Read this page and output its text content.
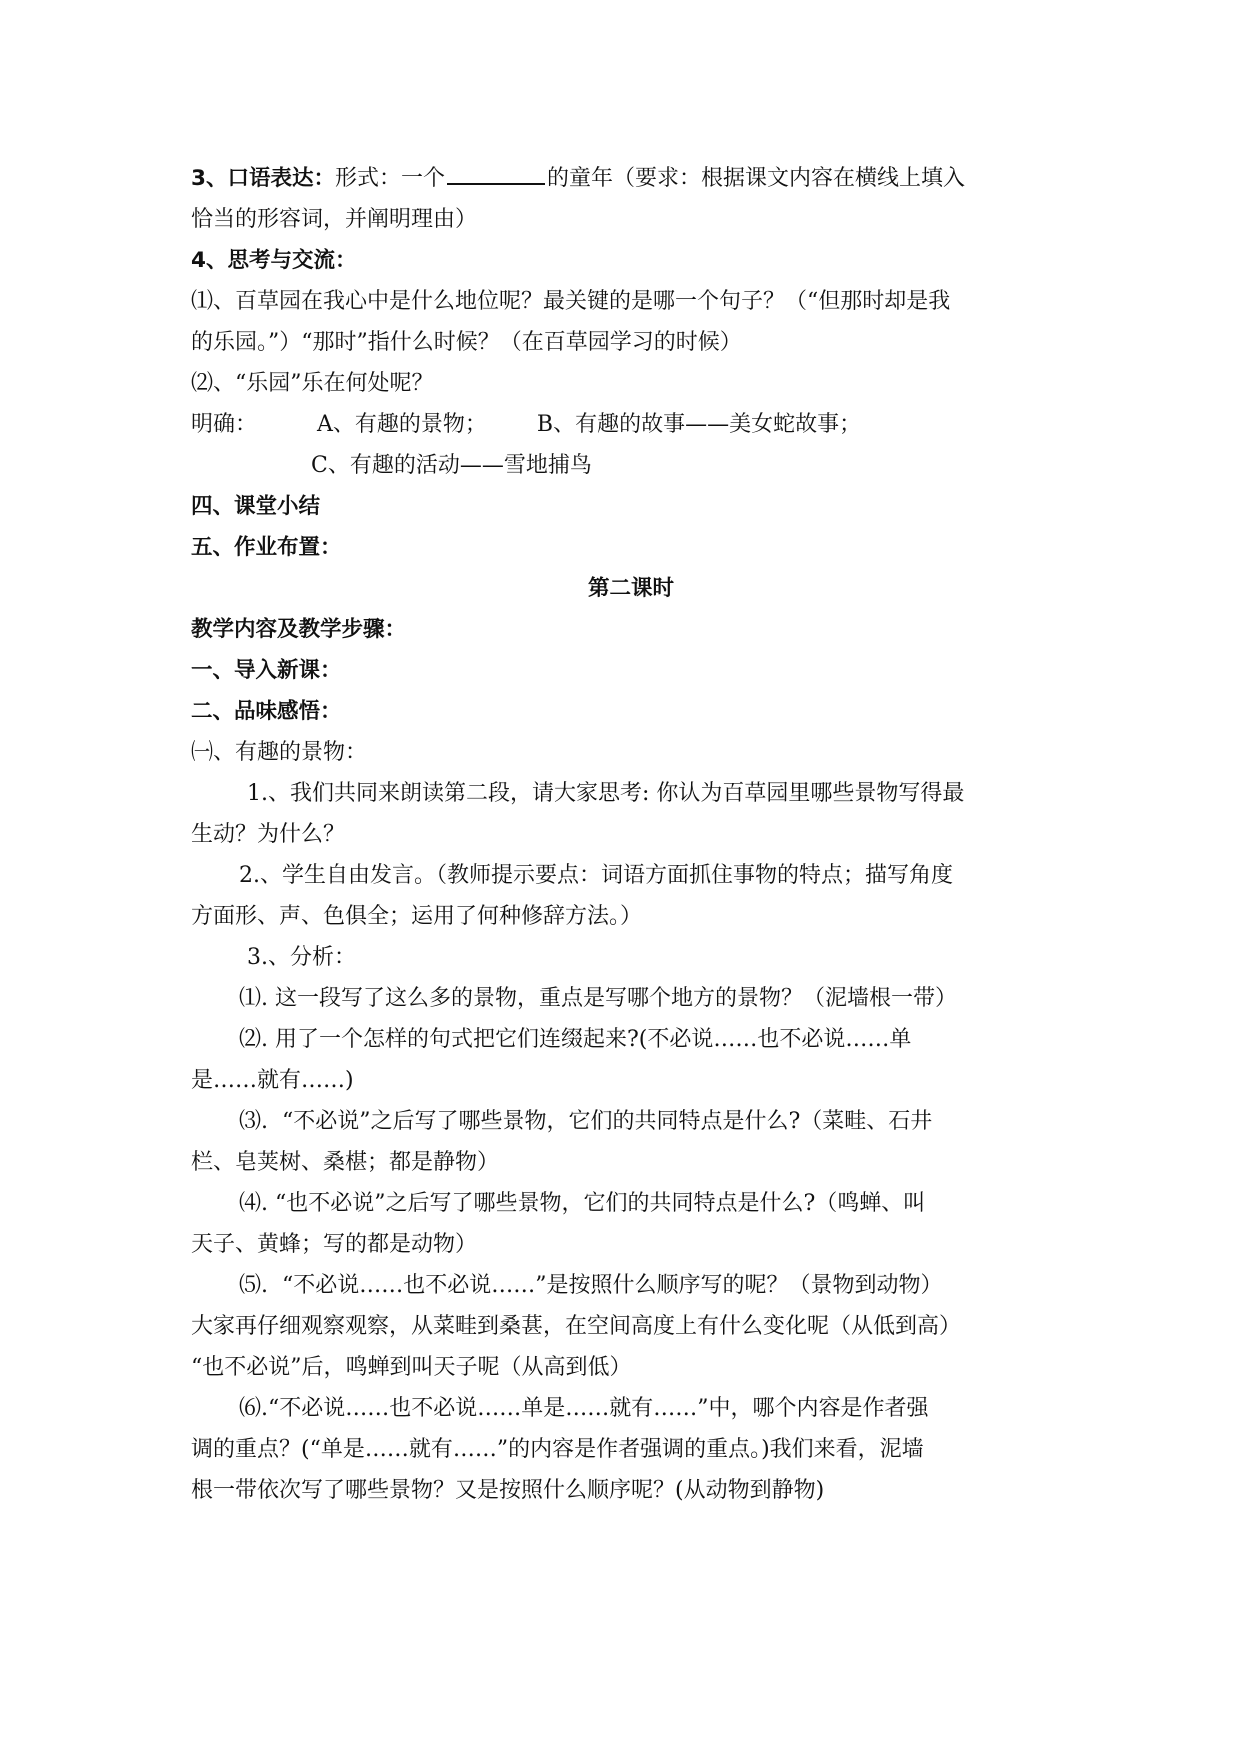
3、口语表达：形式：一个	的童年（要求：根据课文内容在横线上填入
恰当的形容词，并阐明理由）
4、思考与交流：
⑴、百草园在我心中是什么地位呢？最关键的是哪一个句子？（“但那时却是我
的乐园。”）“那时”指什么时候？（在百草园学习的时候）
⑵、“乐园”乐在何处呢？
明确：	A、有趣的景物； B、有趣的故事——美女蛇故事；
C、有趣的活动——雪地捕鸟
四、课堂小结
五、作业布置：
第二课时
教学内容及教学步骤：
一、导入新课：
二、品味感悟：
㈠、有趣的景物：
1.、我们共同来朗读第二段，请大家思考: 你认为百草园里哪些景物写得最
生动？为什么？
2.、学生自由发言。（教师提示要点：词语方面抓住事物的特点；描写角度
方面形、声、色俱全；运用了何种修辞方法。）
3.、分析：
⑴. 这一段写了这么多的景物，重点是写哪个地方的景物？（泥墙根一带）
⑵. 用了一个怎样的句式把它们连缀起来?(不必说……也不必说……单
是……就有……)
⑶.  “不必说”之后写了哪些景物，它们的共同特点是什么?（菜畦、石井
栏、皂荚树、桑椹；都是静物）
⑷. “也不必说”之后写了哪些景物，它们的共同特点是什么?（鸣蝉、叫
天子、黄蜂；写的都是动物）
⑸.  “不必说……也不必说……”是按照什么顺序写的呢？（景物到动物）
大家再仔细观察观察，从菜畦到桑葚，在空间高度上有什么变化呢（从低到高）
“也不必说”后，鸣蝉到叫天子呢（从高到低）
⑹.“不必说……也不必说……单是……就有……”中，哪个内容是作者强
调的重点？(“单是……就有……”的内容是作者强调的重点。)我们来看，泥墙
根一带依次写了哪些景物？又是按照什么顺序呢？(从动物到静物)
